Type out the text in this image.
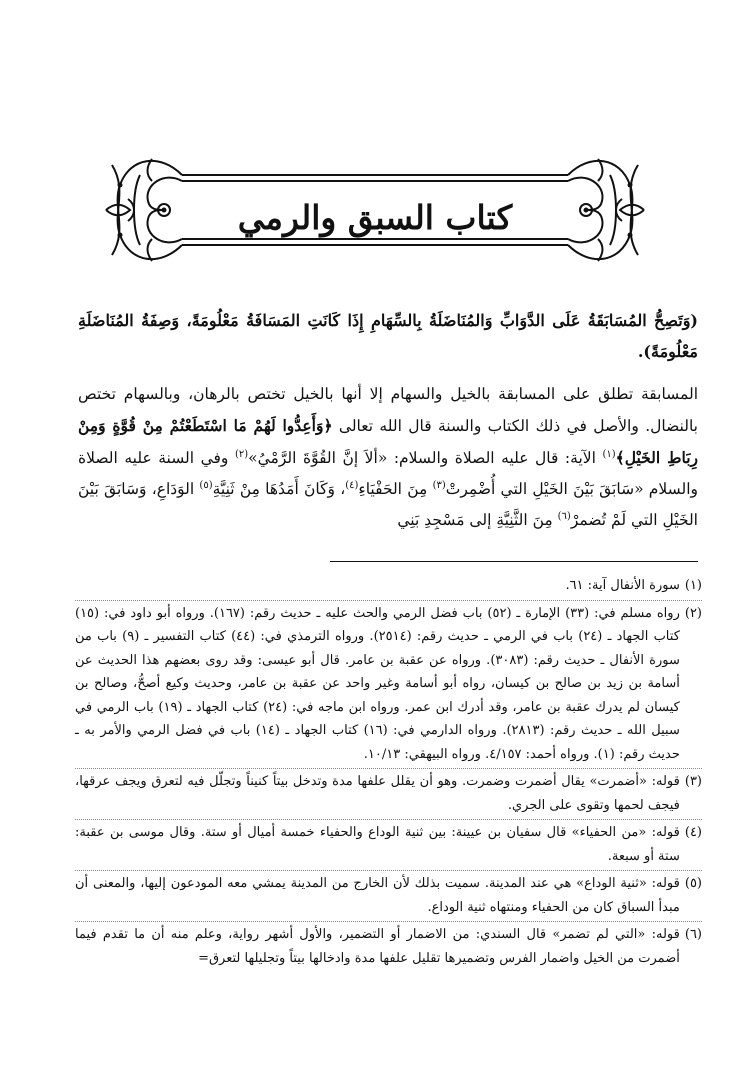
كتاب السبق والرمي

(وَتَصِحُّ المُسَابَقَةُ عَلَى الدَّوَابِّ وَالمُنَاضَلَةُ بِالسِّهَامِ إِذَا كَانَتِ المَسَافَةُ مَعْلُومَةً، وَصِفَةُ المُنَاضَلَةِ مَعْلُومَةً).

المسابقة تطلق على المسابقة بالخيل والسهام إلا أنها بالخيل تختص بالرهان، وبالسهام تختص بالنضال. والأصل في ذلك الكتاب والسنة قال الله تعالى ﴿وَأَعِدُّوا لَهُمْ مَا اسْتَطَعْتُمْ مِنْ قُوَّةٍ وَمِنْ رِبَاطِ الخَيْلِ﴾$^{(١)}$ الآية: قال عليه الصلاة والسلام: «ألاَ إنَّ القُوَّةَ الرَّمْيُ»$^{(٢)}$ وفي السنة عليه الصلاة والسلام «سَابَقَ بَيْنَ الخَيْلِ التي أُضْمِرتْ$^{(٣)}$ مِنَ الحَفْيَاءِ$^{(٤)}$، وَكَانَ أَمَدُهَا مِنْ ثَنِيَّةِ$^{(٥)}$ الوَدَاعِ، وَسَابَقَ بَيْنَ الخَيْلِ التي لَمْ تُضمرْ$^{(٦)}$ مِنَ الثَّنِيَّةِ إلى مَسْجِدِ بَنِي

(١)
سورة الأنفال آية: ٦١.
(٢)
رواه مسلم في: (٣٣) الإمارة ـ (٥٢) باب فضل الرمي والحث عليه ـ حديث رقم: (١٦٧). ورواه أبو داود في: (١٥) كتاب الجهاد ـ (٢٤) باب في الرمي ـ حديث رقم: (٢٥١٤). ورواه الترمذي في: (٤٤) كتاب التفسير ـ (٩) باب من سورة الأنفال ـ حديث رقم: (٣٠٨٣). ورواه عن عقبة بن عامر. قال أبو عيسى: وقد روى بعضهم هذا الحديث عن أسامة بن زيد بن صالح بن كيسان، رواه أبو أسامة وغير واحد عن عقبة بن عامر، وحديث وكيع أصحُّ، وصالح بن كيسان لم يدرك عقبة بن عامر، وقد أدرك ابن عمر. ورواه ابن ماجه في: (٢٤) كتاب الجهاد ـ (١٩) باب الرمي في سبيل الله ـ حديث رقم: (٢٨١٣). ورواه الدارمي في: (١٦) كتاب الجهاد ـ (١٤) باب في فضل الرمي والأمر به ـ حديث رقم: (١). ورواه أحمد: ٤/١٥٧. ورواه البيهقي: ١٠/١٣.
(٣)
قوله: «أضمرت» يقال أضمرت وضمرت. وهو أن يقلل علفها مدة وتدخل بيتاً كنيناً وتجلّل فيه لتعرق ويجف عرقها، فيجف لحمها وتقوى على الجري.
(٤)
قوله: «من الحفياء» قال سفيان بن عيينة: بين ثنية الوداع والحفياء خمسة أميال أو ستة. وقال موسى بن عقبة: ستة أو سبعة.
(٥)
قوله: «ثنية الوداع» هي عند المدينة. سميت بذلك لأن الخارج من المدينة يمشي معه المودعون إليها، والمعنى أن مبدأ السباق كان من الحفياء ومنتهاه ثنية الوداع.
(٦)
قوله: «التي لم تضمر» قال السندي: من الاضمار أو التضمير، والأول أشهر رواية، وعلم منه أن ما تقدم فيما أضمرت من الخيل واضمار الفرس وتضميرها تقليل علفها مدة وادخالها بيتاً وتجليلها لتعرق=
